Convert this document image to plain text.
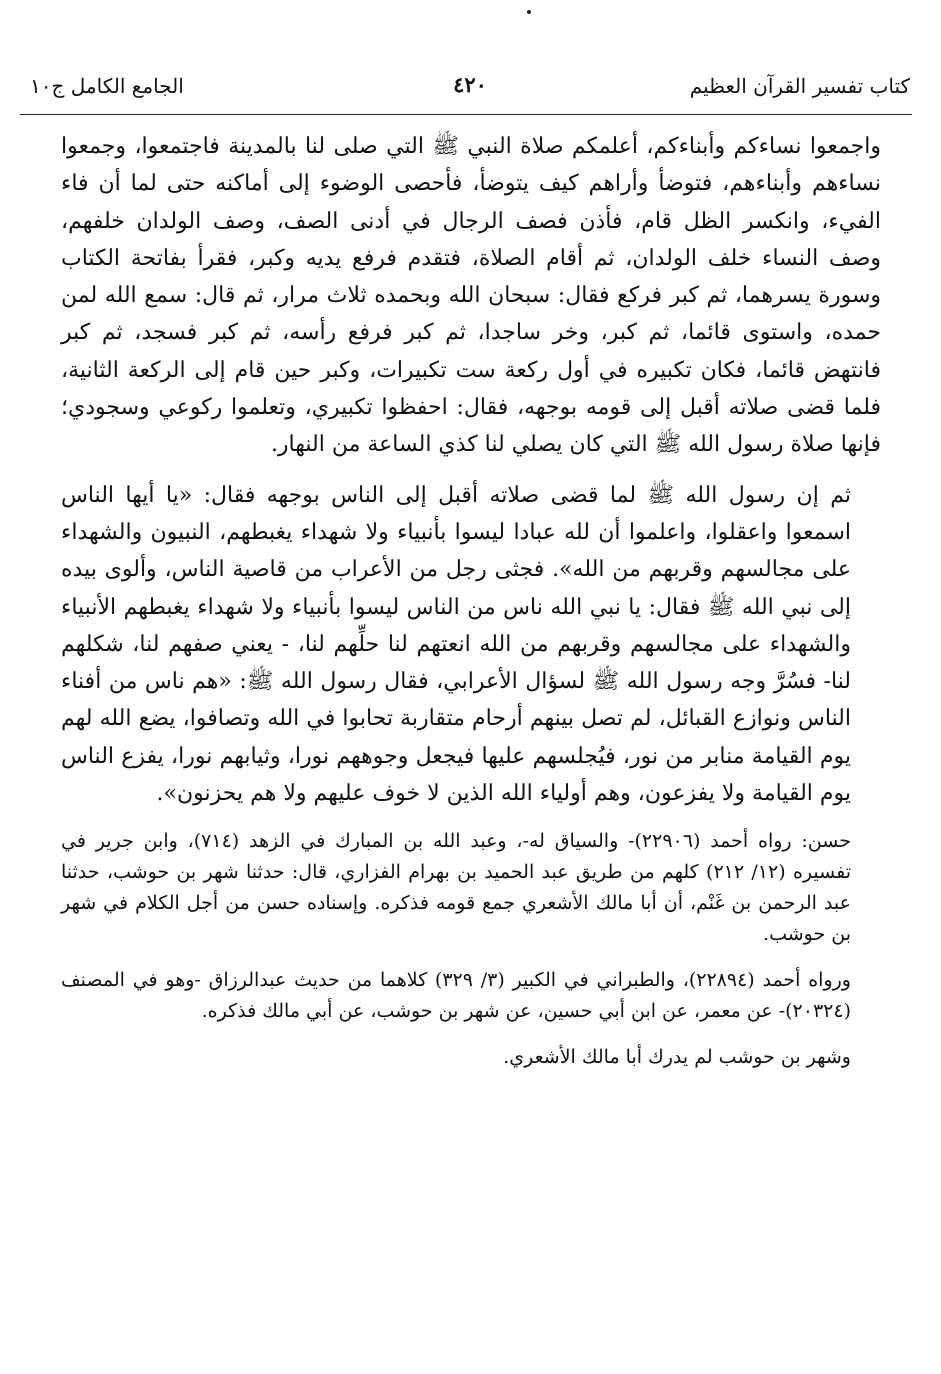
كتاب تفسير القرآن العظيم
٤٢٠
الجامع الكامل ج١٠

واجمعوا نساءكم وأبناءكم، أعلمكم صلاة النبي ﷺ التي صلى لنا بالمدينة فاجتمعوا، وجمعوا نساءهم وأبناءهم، فتوضأ وأراهم كيف يتوضأ، فأحصى الوضوء إلى أماكنه حتى لما أن فاء الفيء، وانكسر الظل قام، فأذن فصف الرجال في أدنى الصف، وصف الولدان خلفهم، وصف النساء خلف الولدان، ثم أقام الصلاة، فتقدم فرفع يديه وكبر، فقرأ بفاتحة الكتاب وسورة يسرهما، ثم كبر فركع فقال: سبحان الله وبحمده ثلاث مرار، ثم قال: سمع الله لمن حمده، واستوى قائما، ثم كبر، وخر ساجدا، ثم كبر فرفع رأسه، ثم كبر فسجد، ثم كبر فانتهض قائما، فكان تكبيره في أول ركعة ست تكبيرات، وكبر حين قام إلى الركعة الثانية، فلما قضى صلاته أقبل إلى قومه بوجهه، فقال: احفظوا تكبيري، وتعلموا ركوعي وسجودي؛ فإنها صلاة رسول الله ﷺ التي كان يصلي لنا كذي الساعة من النهار.

ثم إن رسول الله ﷺ لما قضى صلاته أقبل إلى الناس بوجهه فقال: «يا أيها الناس اسمعوا واعقلوا، واعلموا أن لله عبادا ليسوا بأنبياء ولا شهداء يغبطهم، النبيون والشهداء على مجالسهم وقربهم من الله». فجثى رجل من الأعراب من قاصية الناس، وألوى بيده إلى نبي الله ﷺ فقال: يا نبي الله ناس من الناس ليسوا بأنبياء ولا شهداء يغبطهم الأنبياء والشهداء على مجالسهم وقربهم من الله انعتهم لنا حلِّهم لنا، - يعني صفهم لنا، شكلهم لنا- فسُرَّ وجه رسول الله ﷺ لسؤال الأعرابي، فقال رسول الله ﷺ: «هم ناس من أفناء الناس ونوازع القبائل، لم تصل بينهم أرحام متقاربة تحابوا في الله وتصافوا، يضع الله لهم يوم القيامة منابر من نور، فيُجلسهم عليها فيجعل وجوههم نورا، وثيابهم نورا، يفزع الناس يوم القيامة ولا يفزعون، وهم أولياء الله الذين لا خوف عليهم ولا هم يحزنون».

حسن: رواه أحمد (٢٢٩٠٦)- والسياق له-، وعبد الله بن المبارك في الزهد (٧١٤)، وابن جرير في تفسيره (١٢/ ٢١٢) كلهم من طريق عبد الحميد بن بهرام الفزاري، قال: حدثنا شهر بن حوشب، حدثنا عبد الرحمن بن غَنْم، أن أبا مالك الأشعري جمع قومه فذكره. وإسناده حسن من أجل الكلام في شهر بن حوشب.

ورواه أحمد (٢٢٨٩٤)، والطبراني في الكبير (٣/ ٣٢٩) كلاهما من حديث عبدالرزاق -وهو في المصنف (٢٠٣٢٤)- عن معمر، عن ابن أبي حسين، عن شهر بن حوشب، عن أبي مالك فذكره.

وشهر بن حوشب لم يدرك أبا مالك الأشعري.
